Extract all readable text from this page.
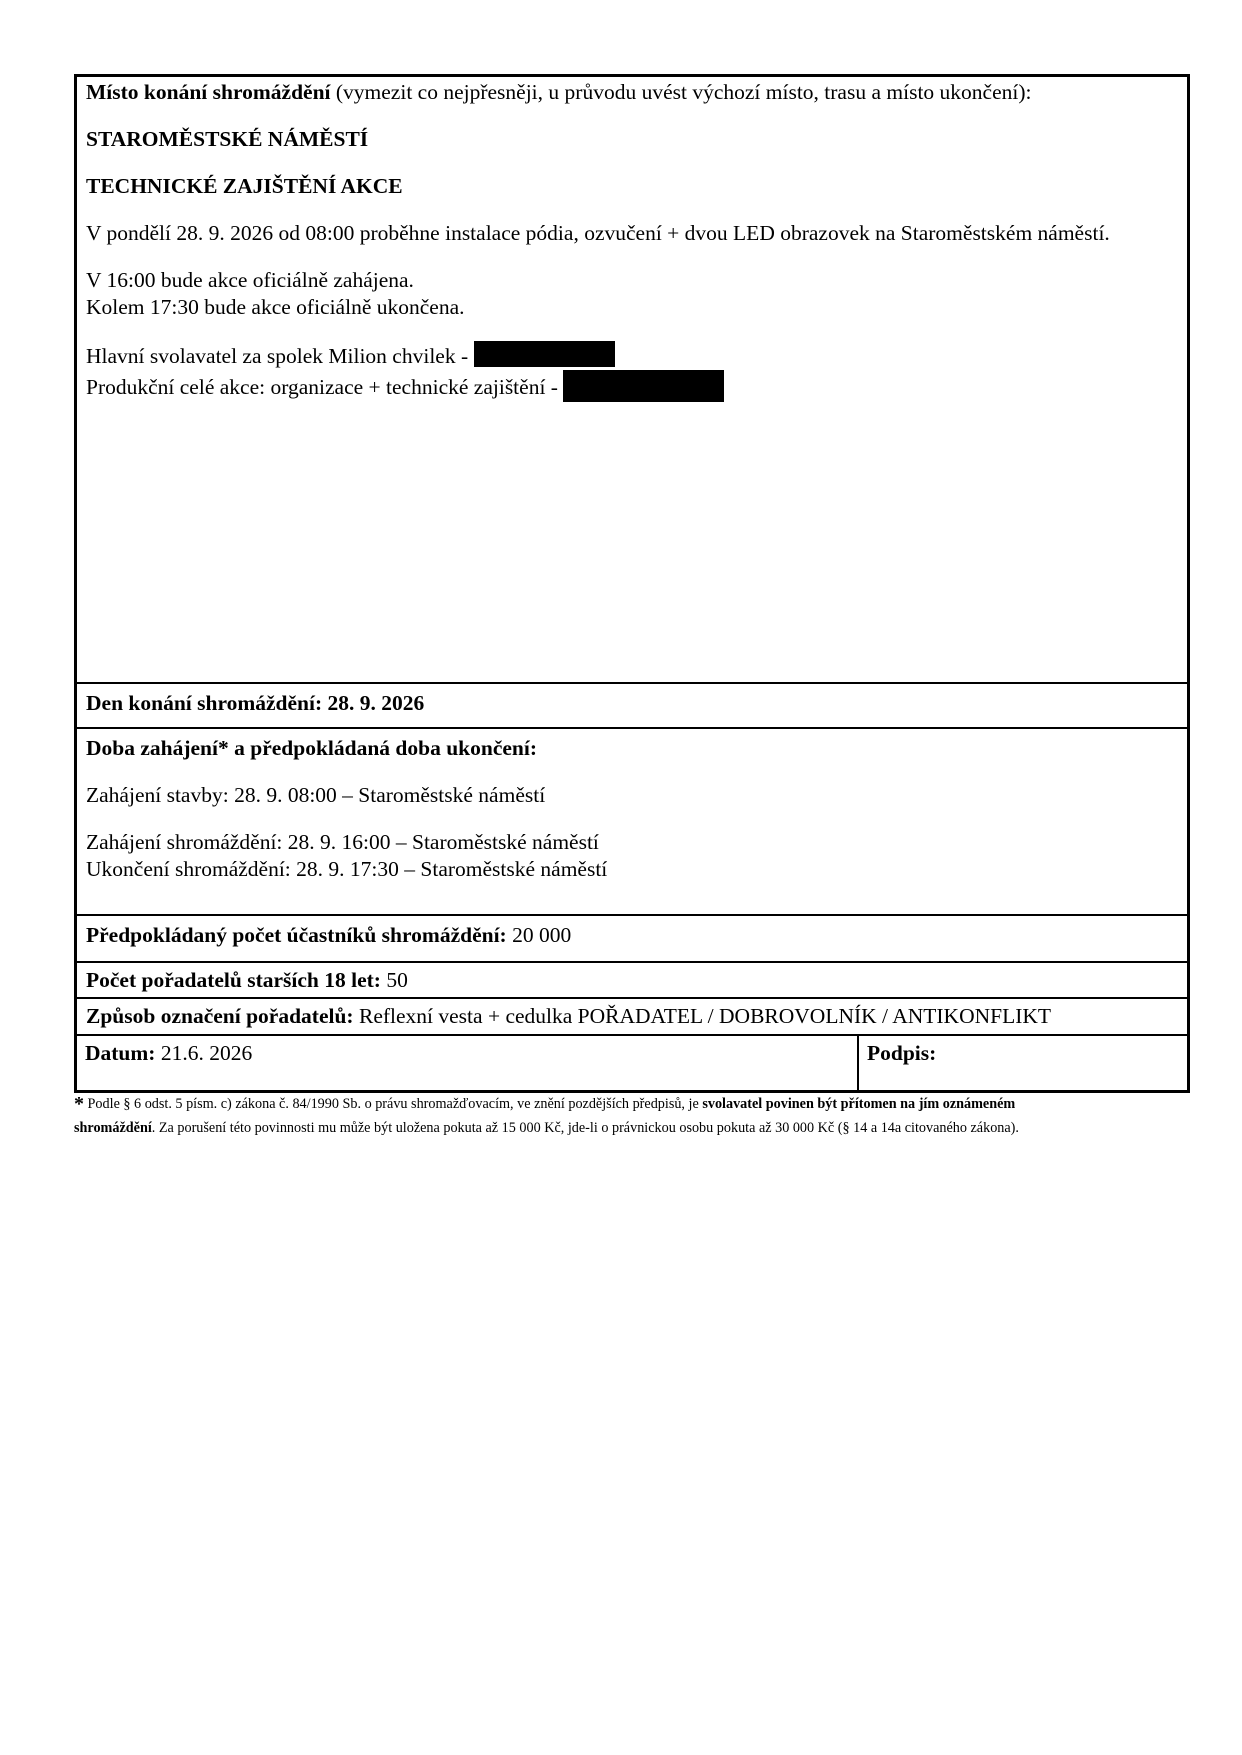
Místo konání shromáždění (vymezit co nejpřesněji, u průvodu uvést výchozí místo, trasu a místo ukončení):
STAROMĚSTSKÉ NÁMĚSTÍ
TECHNICKÉ ZAJIŠTĚNÍ AKCE
V pondělí 28. 9. 2026 od 08:00 proběhne instalace pódia, ozvučení + dvou LED obrazovek na Staroměstském náměstí.
V 16:00 bude akce oficiálně zahájena.
Kolem 17:30 bude akce oficiálně ukončena.
Hlavní svolavatel za spolek Milion chvilek -
Produkční celé akce: organizace + technické zajištění -
Den konání shromáždění: 28. 9. 2026
Doba zahájení* a předpokládaná doba ukončení:
Zahájení stavby: 28. 9. 08:00 – Staroměstské náměstí
Zahájení shromáždění: 28. 9. 16:00 – Staroměstské náměstí
Ukončení shromáždění: 28. 9. 17:30 – Staroměstské náměstí
Předpokládaný počet účastníků shromáždění: 20 000
Počet pořadatelů starších 18 let: 50
Způsob označení pořadatelů: Reflexní vesta + cedulka POŘADATEL / DOBROVOLNÍK / ANTIKONFLIKT
Datum: 21.6. 2026	Podpis:
* Podle § 6 odst. 5 písm. c) zákona č. 84/1990 Sb. o právu shromažďovacím, ve znění pozdějších předpisů, je svolavatel povinen být přítomen na jím oznámeném
shromáždění. Za porušení této povinnosti mu může být uložena pokuta až 15 000 Kč, jde-li o právnickou osobu pokuta až 30 000 Kč (§ 14 a 14a citovaného zákona).
